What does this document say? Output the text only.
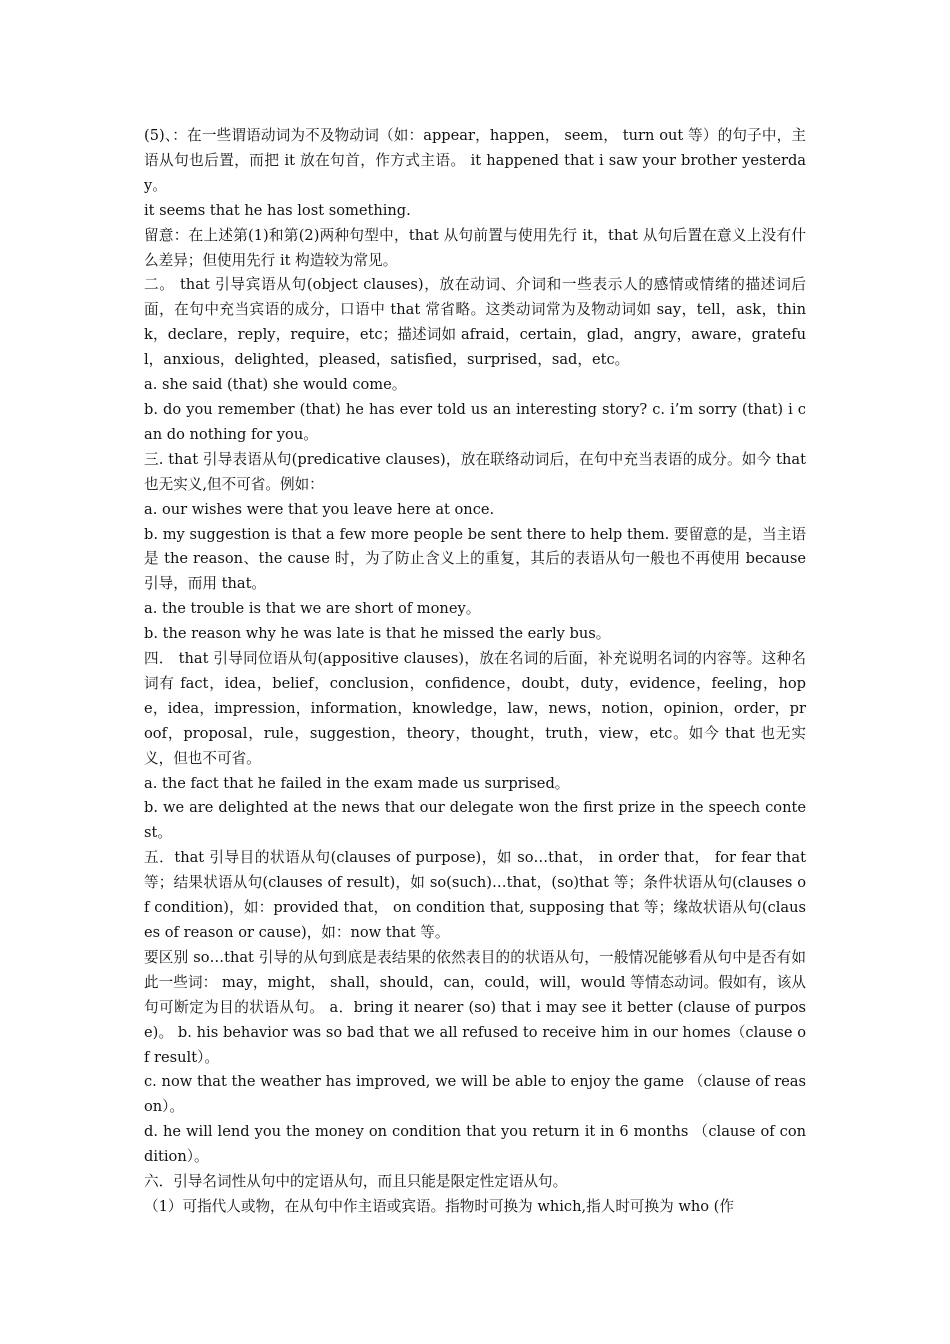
(5)、：在一些谓语动词为不及物动词（如：appear，happen， seem， turn out 等）的句子中，主语从句也后置，而把 it 放在句首，作方式主语。 it happened that i saw your brother yesterday。

it seems that he has lost something.

留意：在上述第(1)和第(2)两种句型中，that 从句前置与使用先行 it，that 从句后置在意义上没有什么差异；但使用先行 it 构造较为常见。

二。 that 引导宾语从句(object clauses)，放在动词、介词和一些表示人的感情或情绪的描述词后面，在句中充当宾语的成分，口语中 that 常省略。这类动词常为及物动词如 say，tell，ask，think，declare，reply，require，etc；描述词如 afraid，certain，glad，angry，aware，grateful，anxious，delighted，pleased，satisfied，surprised，sad，etc。

a. she said (that) she would come。

b. do you remember (that) he has ever told us an interesting story? c. i’m sorry (that) i can do nothing for you。

三. that 引导表语从句(predicative clauses)，放在联络动词后，在句中充当表语的成分。如今 that 也无实义,但不可省。例如：

a. our wishes were that you leave here at once.

b. my suggestion is that a few more people be sent there to help them. 要留意的是，当主语是 the reason、the cause 时，为了防止含义上的重复，其后的表语从句一般也不再使用 because 引导，而用 that。

a. the trouble is that we are short of money。

b. the reason why he was late is that he missed the early bus。

四． that 引导同位语从句(appositive clauses)，放在名词的后面，补充说明名词的内容等。这种名词有 fact，idea，belief，conclusion，confidence，doubt，duty，evidence，feeling，hope，idea，impression，information，knowledge，law，news，notion，opinion，order，proof，proposal，rule，suggestion，theory，thought，truth，view，etc。如今 that 也无实义，但也不可省。

a. the fact that he failed in the exam made us surprised。

b. we are delighted at the news that our delegate won the first prize in the speech contest。

五．that 引导目的状语从句(clauses of purpose)，如 so…that， in order that， for fear that 等；结果状语从句(clauses of result)，如 so(such)…that，(so)that 等；条件状语从句(clauses of condition)，如：provided that， on condition that, supposing that 等；缘故状语从句(clauses of reason or cause)，如：now that 等。

要区别 so…that 引导的从句到底是表结果的依然表目的的状语从句，一般情况能够看从句中是否有如此一些词： may，might， shall，should，can，could，will，would 等情态动词。假如有，该从句可断定为目的状语从句。 a．bring it nearer (so) that i may see it better (clause of purpose)。 b. his behavior was so bad that we all refused to receive him in our homes（clause of result）。

c. now that the weather has improved, we will be able to enjoy the game （clause of reason）。

d. he will lend you the money on condition that you return it in 6 months （clause of condition）。

六．引导名词性从句中的定语从句，而且只能是限定性定语从句。

（1）可指代人或物，在从句中作主语或宾语。指物时可换为 which,指人时可换为 who (作
